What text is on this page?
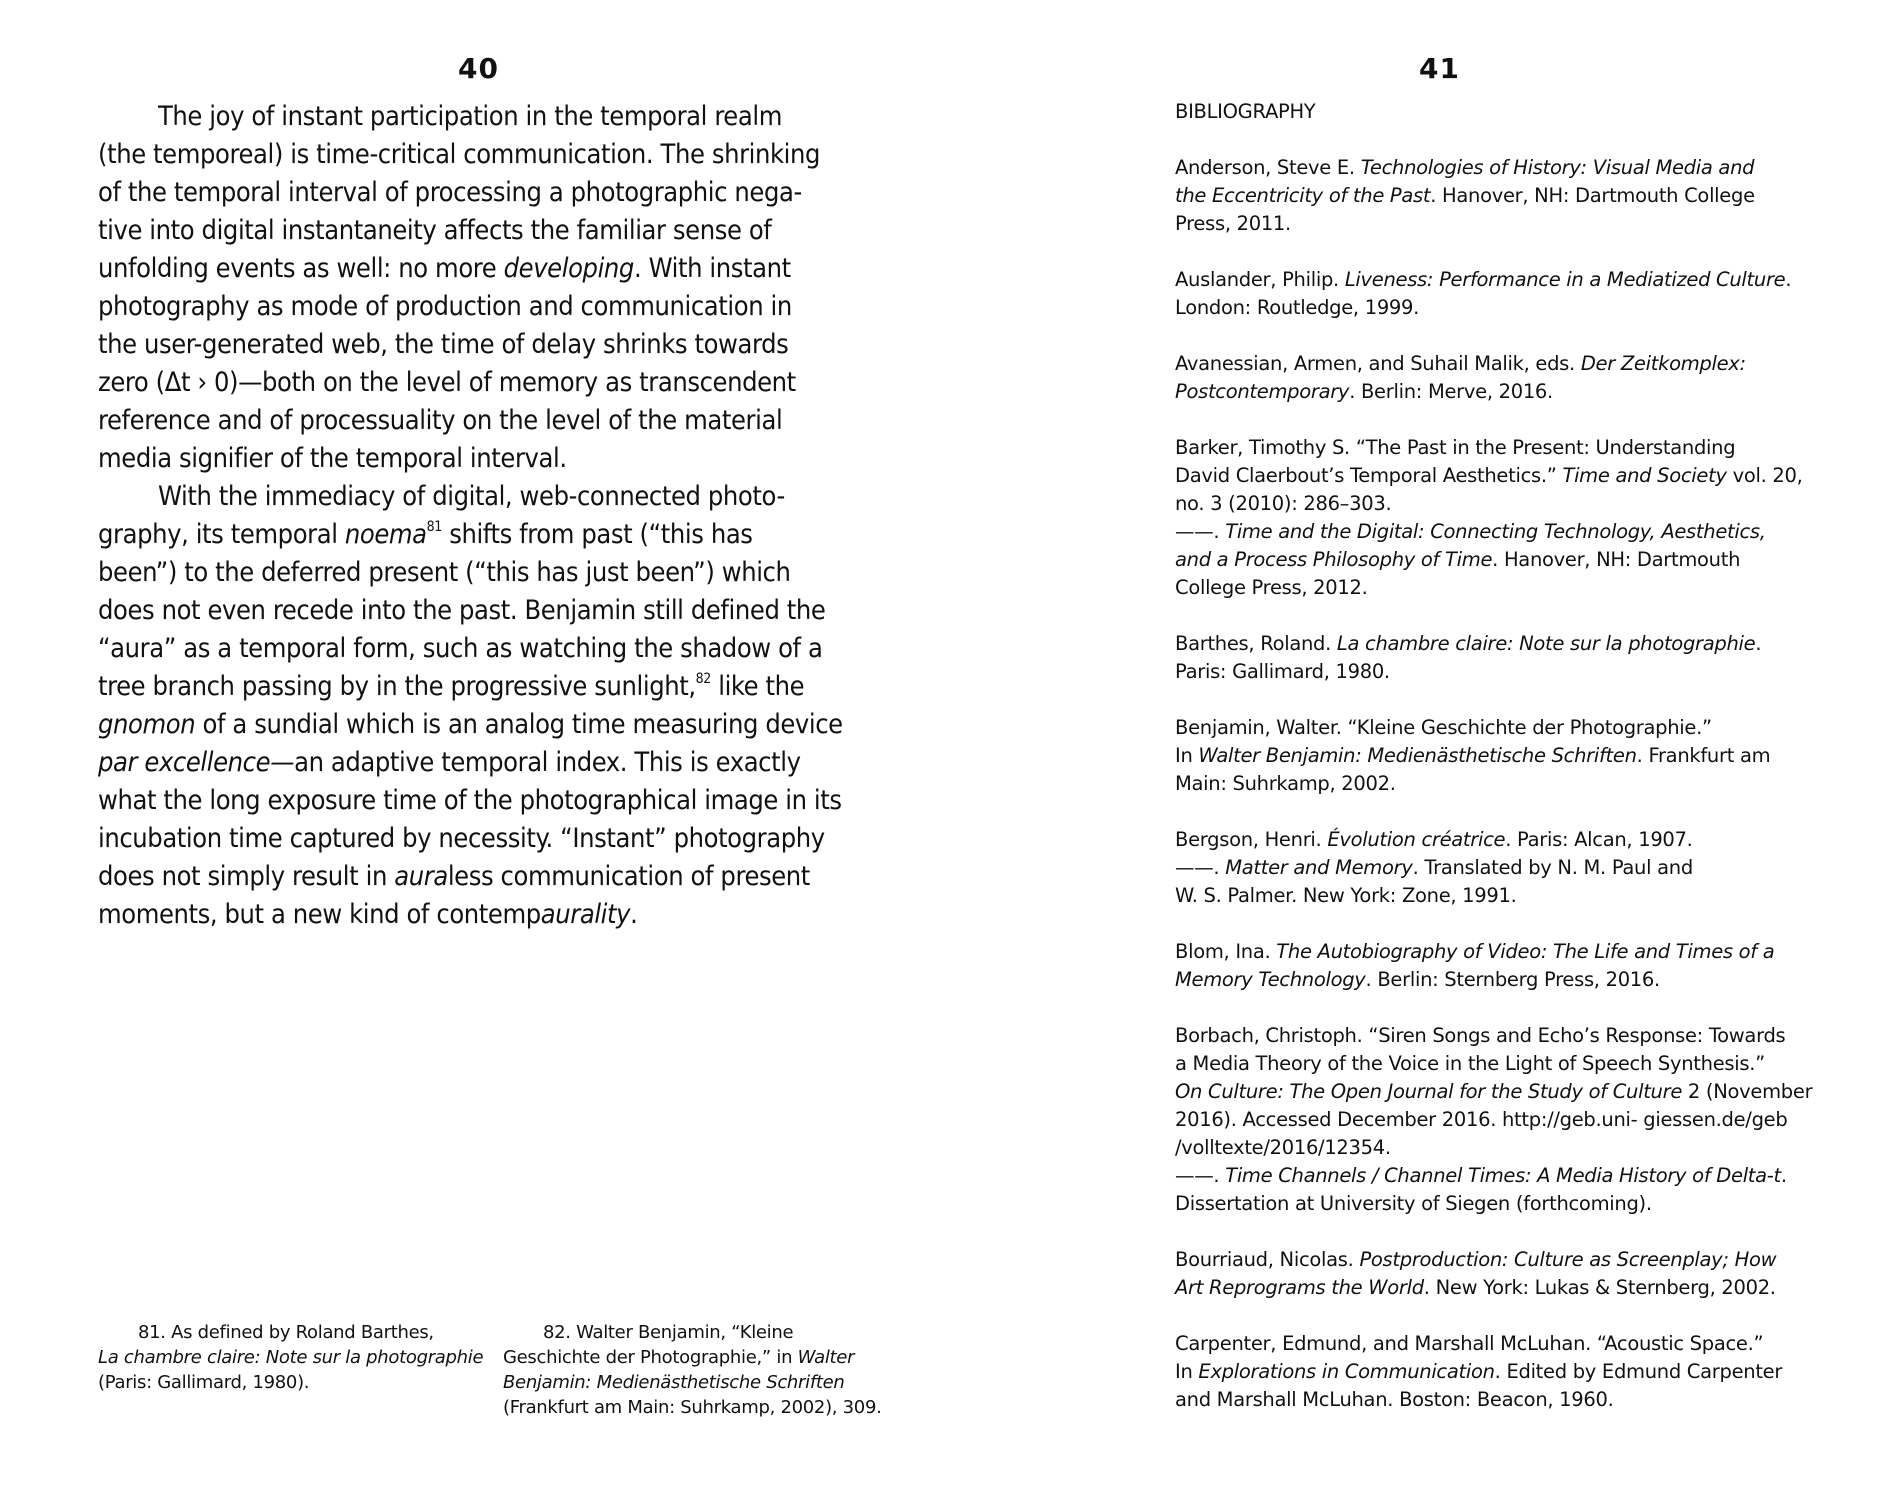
40
The joy of instant participation in the temporal realm
(the temporeal) is time-critical communication. The shrinking
of the temporal interval of processing a photographic nega-
tive into digital instantaneity affects the familiar sense of
unfolding events as well: no more developing. With instant
photography as mode of production and communication in
the user-generated web, the time of delay shrinks towards
zero (Δt › 0)—both on the level of memory as transcendent
reference and of processuality on the level of the material
media signifier of the temporal interval.
With the immediacy of digital, web-connected photo-
graphy, its temporal noema$^{81}$ shifts from past (“this has
been”) to the deferred present (“this has just been”) which
does not even recede into the past. Benjamin still defined the
“aura” as a temporal form, such as watching the shadow of a
tree branch passing by in the progressive sunlight,$^{82}$ like the
gnomon of a sundial which is an analog time measuring device
par excellence—an adaptive temporal index. This is exactly
what the long exposure time of the photographical image in its
incubation time captured by necessity. “Instant” photography
does not simply result in auraless communication of present
moments, but a new kind of contempaurality.
81. As defined by Roland Barthes,
La chambre claire: Note sur la photographie
(Paris: Gallimard, 1980).
82. Walter Benjamin, “Kleine
Geschichte der Photographie,” in Walter
Benjamin: Medienästhetische Schriften
(Frankfurt am Main: Suhrkamp, 2002), 309.
41
BIBLIOGRAPHY
Anderson, Steve E. Technologies of History: Visual Media and
the Eccentricity of the Past. Hanover, NH: Dartmouth College
Press, 2011.
Auslander, Philip. Liveness: Performance in a Mediatized Culture.
London: Routledge, 1999.
Avanessian, Armen, and Suhail Malik, eds. Der Zeitkomplex:
Postcontemporary. Berlin: Merve, 2016.
Barker, Timothy S. “The Past in the Present: Understanding
David Claerbout’s Temporal Aesthetics.” Time and Society vol. 20,
no. 3 (2010): 286–303.
——. Time and the Digital: Connecting Technology, Aesthetics,
and a Process Philosophy of Time. Hanover, NH: Dartmouth
College Press, 2012.
Barthes, Roland. La chambre claire: Note sur la photographie.
Paris: Gallimard, 1980.
Benjamin, Walter. “Kleine Geschichte der Photographie.”
In Walter Benjamin: Medienästhetische Schriften. Frankfurt am
Main: Suhrkamp, 2002.
Bergson, Henri. Évolution créatrice. Paris: Alcan, 1907.
——. Matter and Memory. Translated by N. M. Paul and
W. S. Palmer. New York: Zone, 1991.
Blom, Ina. The Autobiography of Video: The Life and Times of a
Memory Technology. Berlin: Sternberg Press, 2016.
Borbach, Christoph. “Siren Songs and Echo’s Response: Towards
a Media Theory of the Voice in the Light of Speech Synthesis.”
On Culture: The Open Journal for the Study of Culture 2 (November
2016). Accessed December 2016. http://geb.uni- giessen.de/geb
/volltexte/2016/12354.
——. Time Channels / Channel Times: A Media History of Delta-t.
Dissertation at University of Siegen (forthcoming).
Bourriaud, Nicolas. Postproduction: Culture as Screenplay; How
Art Reprograms the World. New York: Lukas & Sternberg, 2002.
Carpenter, Edmund, and Marshall McLuhan. “Acoustic Space.”
In Explorations in Communication. Edited by Edmund Carpenter
and Marshall McLuhan. Boston: Beacon, 1960.
